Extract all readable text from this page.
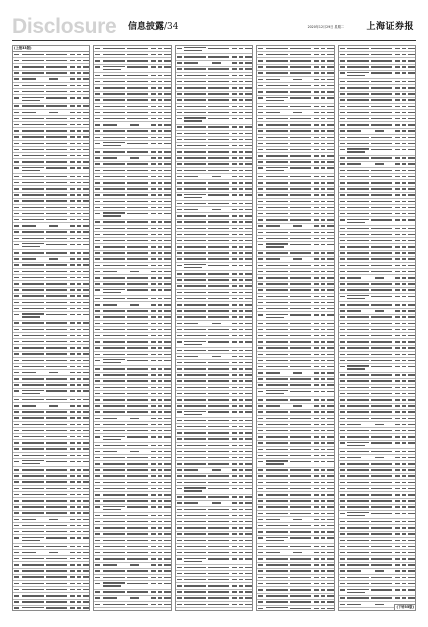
Disclosure 信息披露/34	2020年12月29日 星期二 上海证券报
(上接33版)
(下转35版)
